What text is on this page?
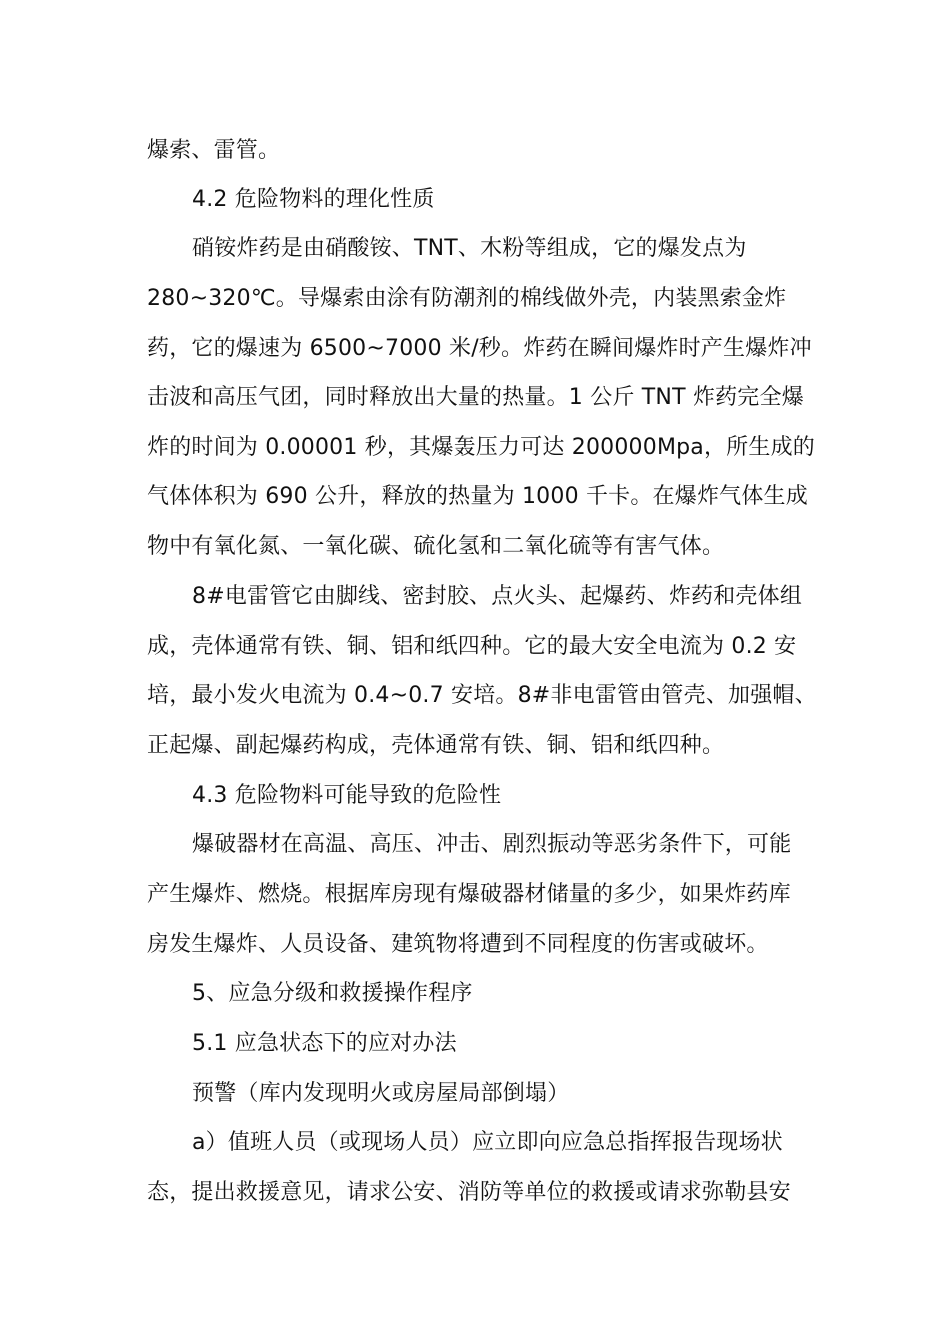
爆索、雷管。
4.2 危险物料的理化性质
硝铵炸药是由硝酸铵、TNT、木粉等组成，它的爆发点为
280~320℃。导爆索由涂有防潮剂的棉线做外壳，内装黑索金炸
药，它的爆速为 6500~7000 米/秒。炸药在瞬间爆炸时产生爆炸冲
击波和高压气团，同时释放出大量的热量。1 公斤 TNT 炸药完全爆
炸的时间为 0.00001 秒，其爆轰压力可达 200000Mpa，所生成的
气体体积为 690 公升，释放的热量为 1000 千卡。在爆炸气体生成
物中有氧化氮、一氧化碳、硫化氢和二氧化硫等有害气体。
8#电雷管它由脚线、密封胶、点火头、起爆药、炸药和壳体组
成，壳体通常有铁、铜、铝和纸四种。它的最大安全电流为 0.2 安
培，最小发火电流为 0.4~0.7 安培。8#非电雷管由管壳、加强帽、
正起爆、副起爆药构成，壳体通常有铁、铜、铝和纸四种。
4.3 危险物料可能导致的危险性
爆破器材在高温、高压、冲击、剧烈振动等恶劣条件下，可能
产生爆炸、燃烧。根据库房现有爆破器材储量的多少，如果炸药库
房发生爆炸、人员设备、建筑物将遭到不同程度的伤害或破坏。
5、应急分级和救援操作程序
5.1 应急状态下的应对办法
预警（库内发现明火或房屋局部倒塌）
a）值班人员（或现场人员）应立即向应急总指挥报告现场状
态，提出救援意见，请求公安、消防等单位的救援或请求弥勒县安
